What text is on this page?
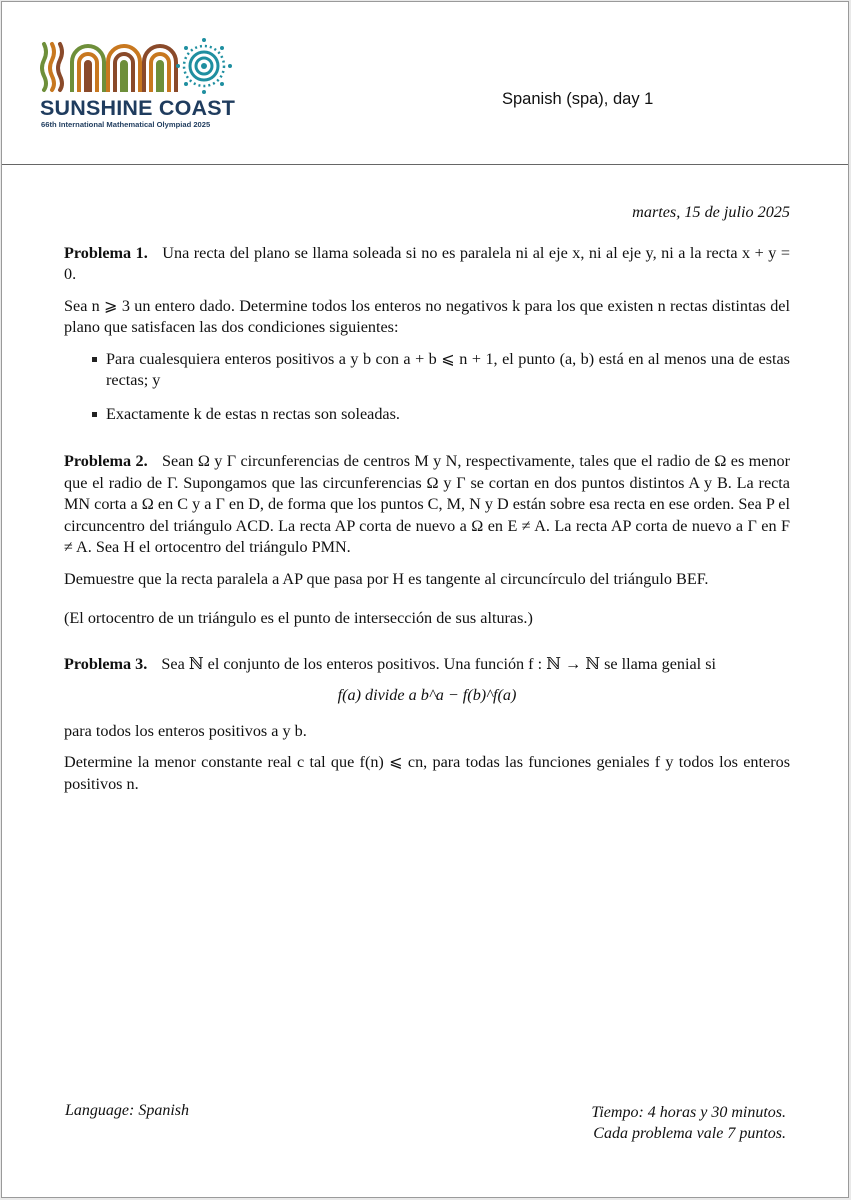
SUNSHINE COAST
66th International Mathematical Olympiad 2025
Spanish (spa), day 1
martes, 15 de julio 2025

Problema 1. Una recta del plano se llama soleada si no es paralela ni al eje x, ni al eje y, ni a la recta x + y = 0.

Sea n ⩾ 3 un entero dado. Determine todos los enteros no negativos k para los que existen n rectas distintas del plano que satisfacen las dos condiciones siguientes:

Para cualesquiera enteros positivos a y b con a + b ⩽ n + 1, el punto (a, b) está en al menos una de estas rectas; y
Exactamente k de estas n rectas son soleadas.

Problema 2. Sean Ω y Γ circunferencias de centros M y N, respectivamente, tales que el radio de Ω es menor que el radio de Γ. Supongamos que las circunferencias Ω y Γ se cortan en dos puntos distintos A y B. La recta MN corta a Ω en C y a Γ en D, de forma que los puntos C, M, N y D están sobre esa recta en ese orden. Sea P el circuncentro del triángulo ACD. La recta AP corta de nuevo a Ω en E ≠ A. La recta AP corta de nuevo a Γ en F ≠ A. Sea H el ortocentro del triángulo PMN.

Demuestre que la recta paralela a AP que pasa por H es tangente al circuncírculo del triángulo BEF.

(El ortocentro de un triángulo es el punto de intersección de sus alturas.)

Problema 3. Sea ℕ el conjunto de los enteros positivos. Una función f : ℕ → ℕ se llama genial si

f(a) divide a b^a − f(b)^f(a)

para todos los enteros positivos a y b.

Determine la menor constante real c tal que f(n) ⩽ cn, para todas las funciones geniales f y todos los enteros positivos n.

Language: Spanish	Tiempo: 4 horas y 30 minutos.
Cada problema vale 7 puntos.
